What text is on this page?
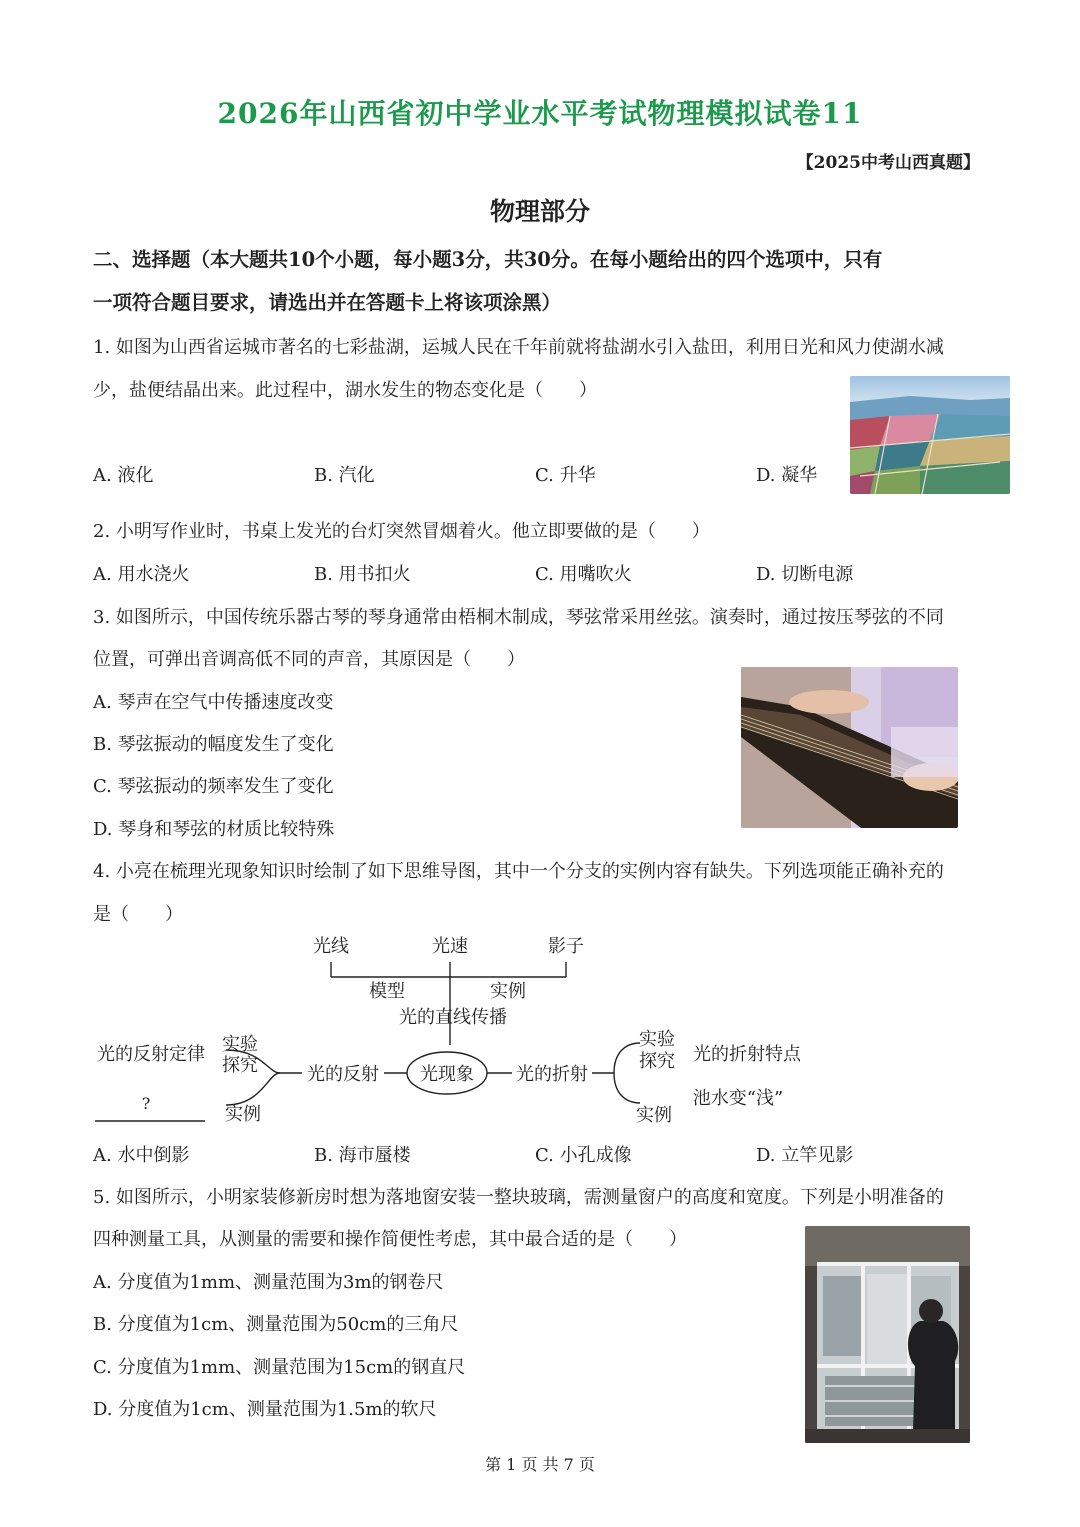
2026年山西省初中学业水平考试物理模拟试卷11
【2025中考山西真题】
物理部分
二、选择题（本大题共10个小题，每小题3分，共30分。在每小题给出的四个选项中，只有
一项符合题目要求，请选出并在答题卡上将该项涂黑）
1. 如图为山西省运城市著名的七彩盐湖，运城人民在千年前就将盐湖水引入盐田，利用日光和风力使湖水减
少，盐便结晶出来。此过程中，湖水发生的物态变化是（　　）
A. 液化	B. 汽化	C. 升华	D. 凝华
2. 小明写作业时，书桌上发光的台灯突然冒烟着火。他立即要做的是（　　）
A. 用水浇火	B. 用书扣火	C. 用嘴吹火	D. 切断电源
3. 如图所示，中国传统乐器古琴的琴身通常由梧桐木制成，琴弦常采用丝弦。演奏时，通过按压琴弦的不同
位置，可弹出音调高低不同的声音，其原因是（　　）
A. 琴声在空气中传播速度改变
B. 琴弦振动的幅度发生了变化
C. 琴弦振动的频率发生了变化
D. 琴身和琴弦的材质比较特殊
4. 小亮在梳理光现象知识时绘制了如下思维导图，其中一个分支的实例内容有缺失。下列选项能正确补充的
是（　　）
光线	光速	影子
模型	实例
光的直线传播
光现象
光的反射	光的折射
实验
探究
光的反射定律
?
实例
实验
探究 光的折射特点
池水变“浅”
实例
A. 水中倒影	B. 海市蜃楼	C. 小孔成像	D. 立竿见影
5. 如图所示，小明家装修新房时想为落地窗安装一整块玻璃，需测量窗户的高度和宽度。下列是小明准备的
四种测量工具，从测量的需要和操作简便性考虑，其中最合适的是（　　）
A. 分度值为1mm、测量范围为3m的钢卷尺
B. 分度值为1cm、测量范围为50cm的三角尺
C. 分度值为1mm、测量范围为15cm的钢直尺
D. 分度值为1cm、测量范围为1.5m的软尺
第 1 页 共 7 页
